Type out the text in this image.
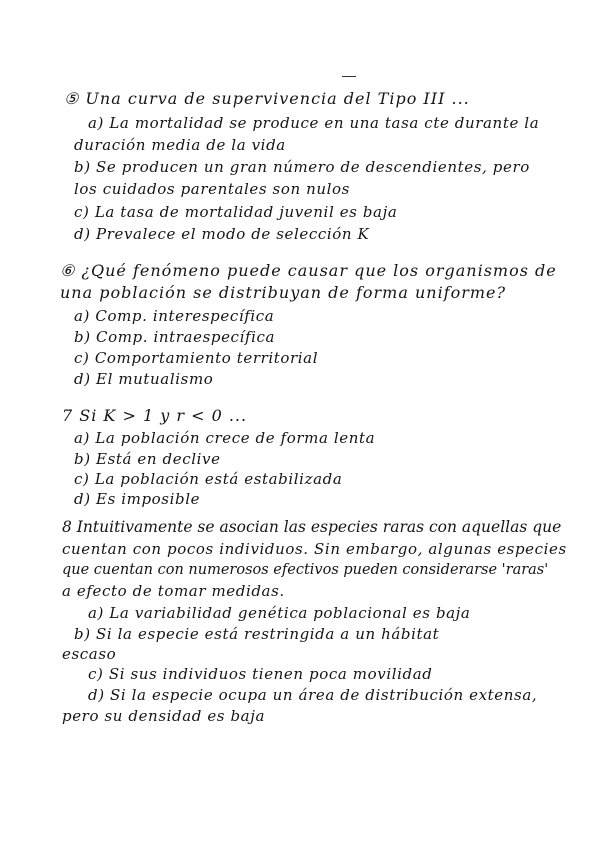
⑤ Una curva de supervivencia del Tipo III ...
a) La mortalidad se produce en una tasa cte durante la
duración media de la vida
b) Se producen un gran número de descendientes, pero
los cuidados parentales son nulos
c) La tasa de mortalidad juvenil es baja
d) Prevalece el modo de selección K
⑥ ¿Qué fenómeno puede causar que los organismos de
una población se distribuyan de forma uniforme?
a) Comp. interespecífica
b) Comp. intraespecífica
c) Comportamiento territorial
d) El mutualismo
7 Si K > 1 y r < 0 ...
a) La población crece de forma lenta
b) Está en declive
c) La población está estabilizada
d) Es imposible
8 Intuitivamente se asocian las especies raras con aquellas que
cuentan con pocos individuos. Sin embargo, algunas especies
que cuentan con numerosos efectivos pueden considerarse 'raras'
a efecto de tomar medidas.
a) La variabilidad genética poblacional es baja
b) Si la especie está restringida a un hábitat
escaso
c) Si sus individuos tienen poca movilidad
d) Si la especie ocupa un área de distribución extensa,
pero su densidad es baja
